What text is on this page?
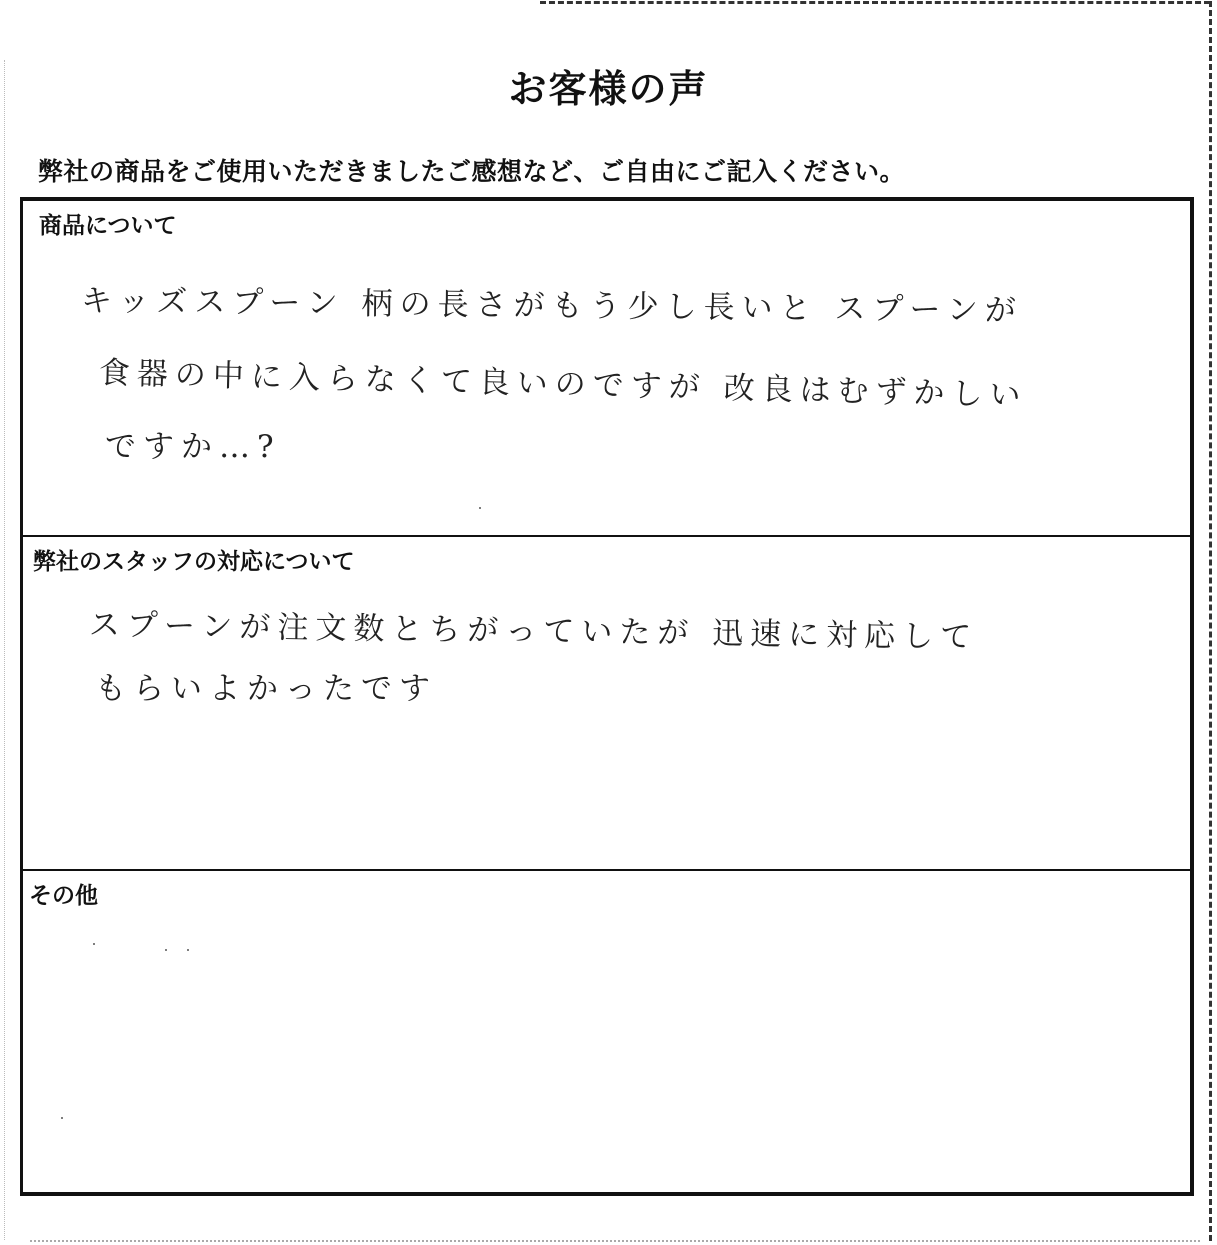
お客様の声
弊社の商品をご使用いただきましたご感想など、ご自由にご記入ください。
商品について
キッズスプーン 柄の長さがもう少し長いと スプーンが
食器の中に入らなくて良いのですが 改良はむずかしい
ですか…?
弊社のスタッフの対応について
スプーンが注文数とちがっていたが 迅速に対応して
もらいよかったです
その他
